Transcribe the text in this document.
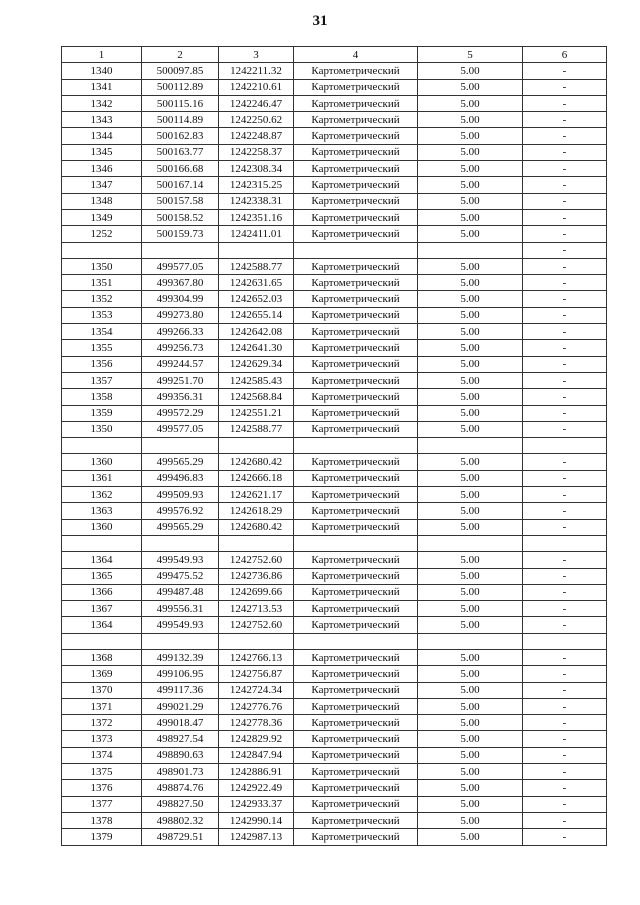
31
1	2	3	4	5	6
1340	500097.85	1242211.32	Картометрический	5.00	-
1341	500112.89	1242210.61	Картометрический	5.00	-
1342	500115.16	1242246.47	Картометрический	5.00	-
1343	500114.89	1242250.62	Картометрический	5.00	-
1344	500162.83	1242248.87	Картометрический	5.00	-
1345	500163.77	1242258.37	Картометрический	5.00	-
1346	500166.68	1242308.34	Картометрический	5.00	-
1347	500167.14	1242315.25	Картометрический	5.00	-
1348	500157.58	1242338.31	Картометрический	5.00	-
1349	500158.52	1242351.16	Картометрический	5.00	-
1252	500159.73	1242411.01	Картометрический	5.00	-
					-
1350	499577.05	1242588.77	Картометрический	5.00	-
1351	499367.80	1242631.65	Картометрический	5.00	-
1352	499304.99	1242652.03	Картометрический	5.00	-
1353	499273.80	1242655.14	Картометрический	5.00	-
1354	499266.33	1242642.08	Картометрический	5.00	-
1355	499256.73	1242641.30	Картометрический	5.00	-
1356	499244.57	1242629.34	Картометрический	5.00	-
1357	499251.70	1242585.43	Картометрический	5.00	-
1358	499356.31	1242568.84	Картометрический	5.00	-
1359	499572.29	1242551.21	Картометрический	5.00	-
1350	499577.05	1242588.77	Картометрический	5.00	-

1360	499565.29	1242680.42	Картометрический	5.00	-
1361	499496.83	1242666.18	Картометрический	5.00	-
1362	499509.93	1242621.17	Картометрический	5.00	-
1363	499576.92	1242618.29	Картометрический	5.00	-
1360	499565.29	1242680.42	Картометрический	5.00	-

1364	499549.93	1242752.60	Картометрический	5.00	-
1365	499475.52	1242736.86	Картометрический	5.00	-
1366	499487.48	1242699.66	Картометрический	5.00	-
1367	499556.31	1242713.53	Картометрический	5.00	-
1364	499549.93	1242752.60	Картометрический	5.00	-

1368	499132.39	1242766.13	Картометрический	5.00	-
1369	499106.95	1242756.87	Картометрический	5.00	-
1370	499117.36	1242724.34	Картометрический	5.00	-
1371	499021.29	1242776.76	Картометрический	5.00	-
1372	499018.47	1242778.36	Картометрический	5.00	-
1373	498927.54	1242829.92	Картометрический	5.00	-
1374	498890.63	1242847.94	Картометрический	5.00	-
1375	498901.73	1242886.91	Картометрический	5.00	-
1376	498874.76	1242922.49	Картометрический	5.00	-
1377	498827.50	1242933.37	Картометрический	5.00	-
1378	498802.32	1242990.14	Картометрический	5.00	-
1379	498729.51	1242987.13	Картометрический	5.00	-
